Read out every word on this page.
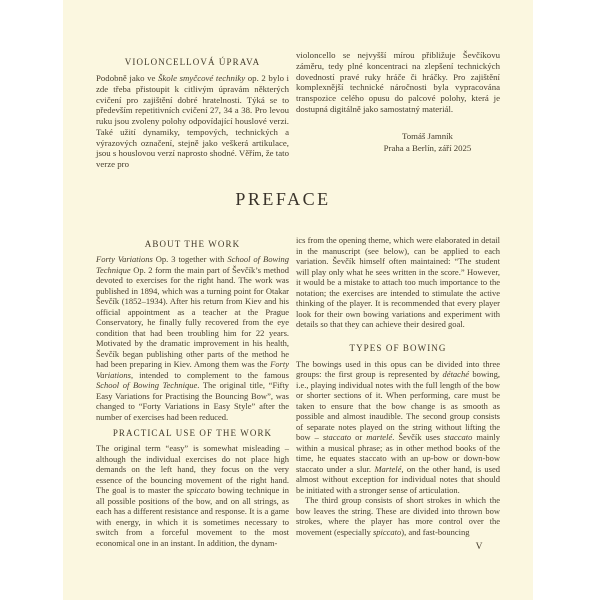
VIOLONCELLOVÁ ÚPRAVA

Podobně jako ve Škole smyčcové techniky op. 2 bylo i zde třeba přistoupit k citlivým úpravám některých cvičení pro zajištění dobré hratelnosti. Týká se to především repetitivních cvičení 27, 34 a 38. Pro levou ruku jsou zvoleny polohy odpovídající houslové verzi. Také užití dynamiky, tempových, technických a výrazových označení, stejně jako veškerá artikulace, jsou s houslovou verzí naprosto shodné. Věřím, že tato verze pro

violoncello se nejvyšší mírou přibližuje Ševčíkovu záměru, tedy plné koncentraci na zlepšení technických dovedností pravé ruky hráče či hráčky. Pro zajištění komplexnější technické náročnosti byla vypracována transpozice celého opusu do palcové polohy, která je dostupná digitálně jako samostatný materiál.

Tomáš Jamník
Praha a Berlín, září 2025
PREFACE
ABOUT THE WORK

Forty Variations Op. 3 together with School of Bowing Technique Op. 2 form the main part of Ševčík’s method devoted to exercises for the right hand. The work was published in 1894, which was a turning point for Otakar Ševčík (1852–1934). After his return from Kiev and his official appointment as a teacher at the Prague Conservatory, he finally fully recovered from the eye condition that had been troubling him for 22 years. Motivated by the dramatic improvement in his health, Ševčík began publishing other parts of the method he had been preparing in Kiev. Among them was the Forty Variations, intended to complement to the famous School of Bowing Technique. The original title, “Fifty Easy Variations for Practising the Bouncing Bow”, was changed to “Forty Variations in Easy Style” after the number of exercises had been reduced.

PRACTICAL USE OF THE WORK

The original term “easy” is somewhat misleading – although the individual exercises do not place high demands on the left hand, they focus on the very essence of the bouncing movement of the right hand. The goal is to master the spiccato bowing technique in all possible positions of the bow, and on all strings, as each has a different resistance and response. It is a game with energy, in which it is sometimes necessary to switch from a forceful movement to the most economical one in an instant. In addition, the dynam-

ics from the opening theme, which were elaborated in detail in the manuscript (see below), can be applied to each variation. Ševčík himself often maintained: “The student will play only what he sees written in the score.” However, it would be a mistake to attach too much importance to the notation; the exercises are intended to stimulate the active thinking of the player. It is recommended that every player look for their own bowing variations and experiment with details so that they can achieve their desired goal.

TYPES OF BOWING

The bowings used in this opus can be divided into three groups: the first group is represented by détaché bowing, i.e., playing individual notes with the full length of the bow or shorter sections of it. When performing, care must be taken to ensure that the bow change is as smooth as possible and almost inaudible. The second group consists of separate notes played on the string without lifting the bow – staccato or martelé. Ševčík uses staccato mainly within a musical phrase; as in other method books of the time, he equates staccato with an up-bow or down-bow staccato under a slur. Martelé, on the other hand, is used almost without exception for individual notes that should be initiated with a stronger sense of articulation.

The third group consists of short strokes in which the bow leaves the string. These are divided into thrown bow strokes, where the player has more control over the movement (especially spiccato), and fast-bouncing

V
